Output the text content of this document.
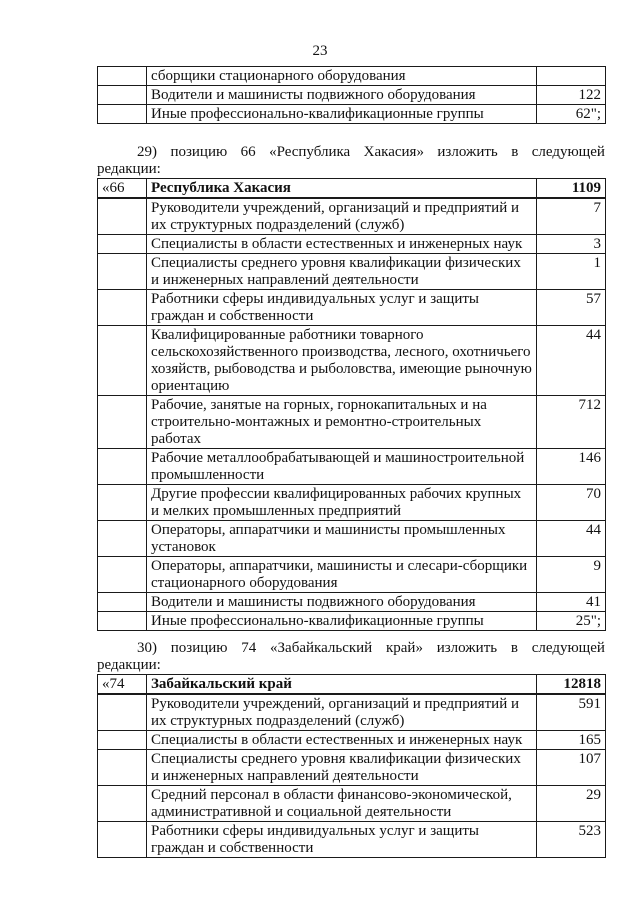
23
	сборщики стационарного оборудования	
	Водители и машинисты подвижного оборудования	122
	Иные профессионально-квалификационные группы	62";
29) позицию 66 «Республика Хакасия» изложить в следующей
редакции:
«66	Республика Хакасия	1109
	Руководители учреждений, организаций и предприятий и их структурных подразделений (служб)	7
	Специалисты в области естественных и инженерных наук	3
	Специалисты среднего уровня квалификации физических и инженерных направлений деятельности	1
	Работники сферы индивидуальных услуг и защиты граждан и собственности	57
	Квалифицированные работники товарного сельскохозяйственного производства, лесного, охотничьего хозяйств, рыбоводства и рыболовства, имеющие рыночную ориентацию	44
	Рабочие, занятые на горных, горнокапитальных и на строительно-монтажных и ремонтно-строительных работах	712
	Рабочие металлообрабатывающей и машиностроительной промышленности	146
	Другие профессии квалифицированных рабочих крупных и мелких промышленных предприятий	70
	Операторы, аппаратчики и машинисты промышленных установок	44
	Операторы, аппаратчики, машинисты и слесари-сборщики стационарного оборудования	9
	Водители и машинисты подвижного оборудования	41
	Иные профессионально-квалификационные группы	25";
30) позицию 74 «Забайкальский край» изложить в следующей
редакции:
«74	Забайкальский край	12818
	Руководители учреждений, организаций и предприятий и их структурных подразделений (служб)	591
	Специалисты в области естественных и инженерных наук	165
	Специалисты среднего уровня квалификации физических и инженерных направлений деятельности	107
	Средний персонал в области финансово-экономической, административной и социальной деятельности	29
	Работники сферы индивидуальных услуг и защиты граждан и собственности	523
